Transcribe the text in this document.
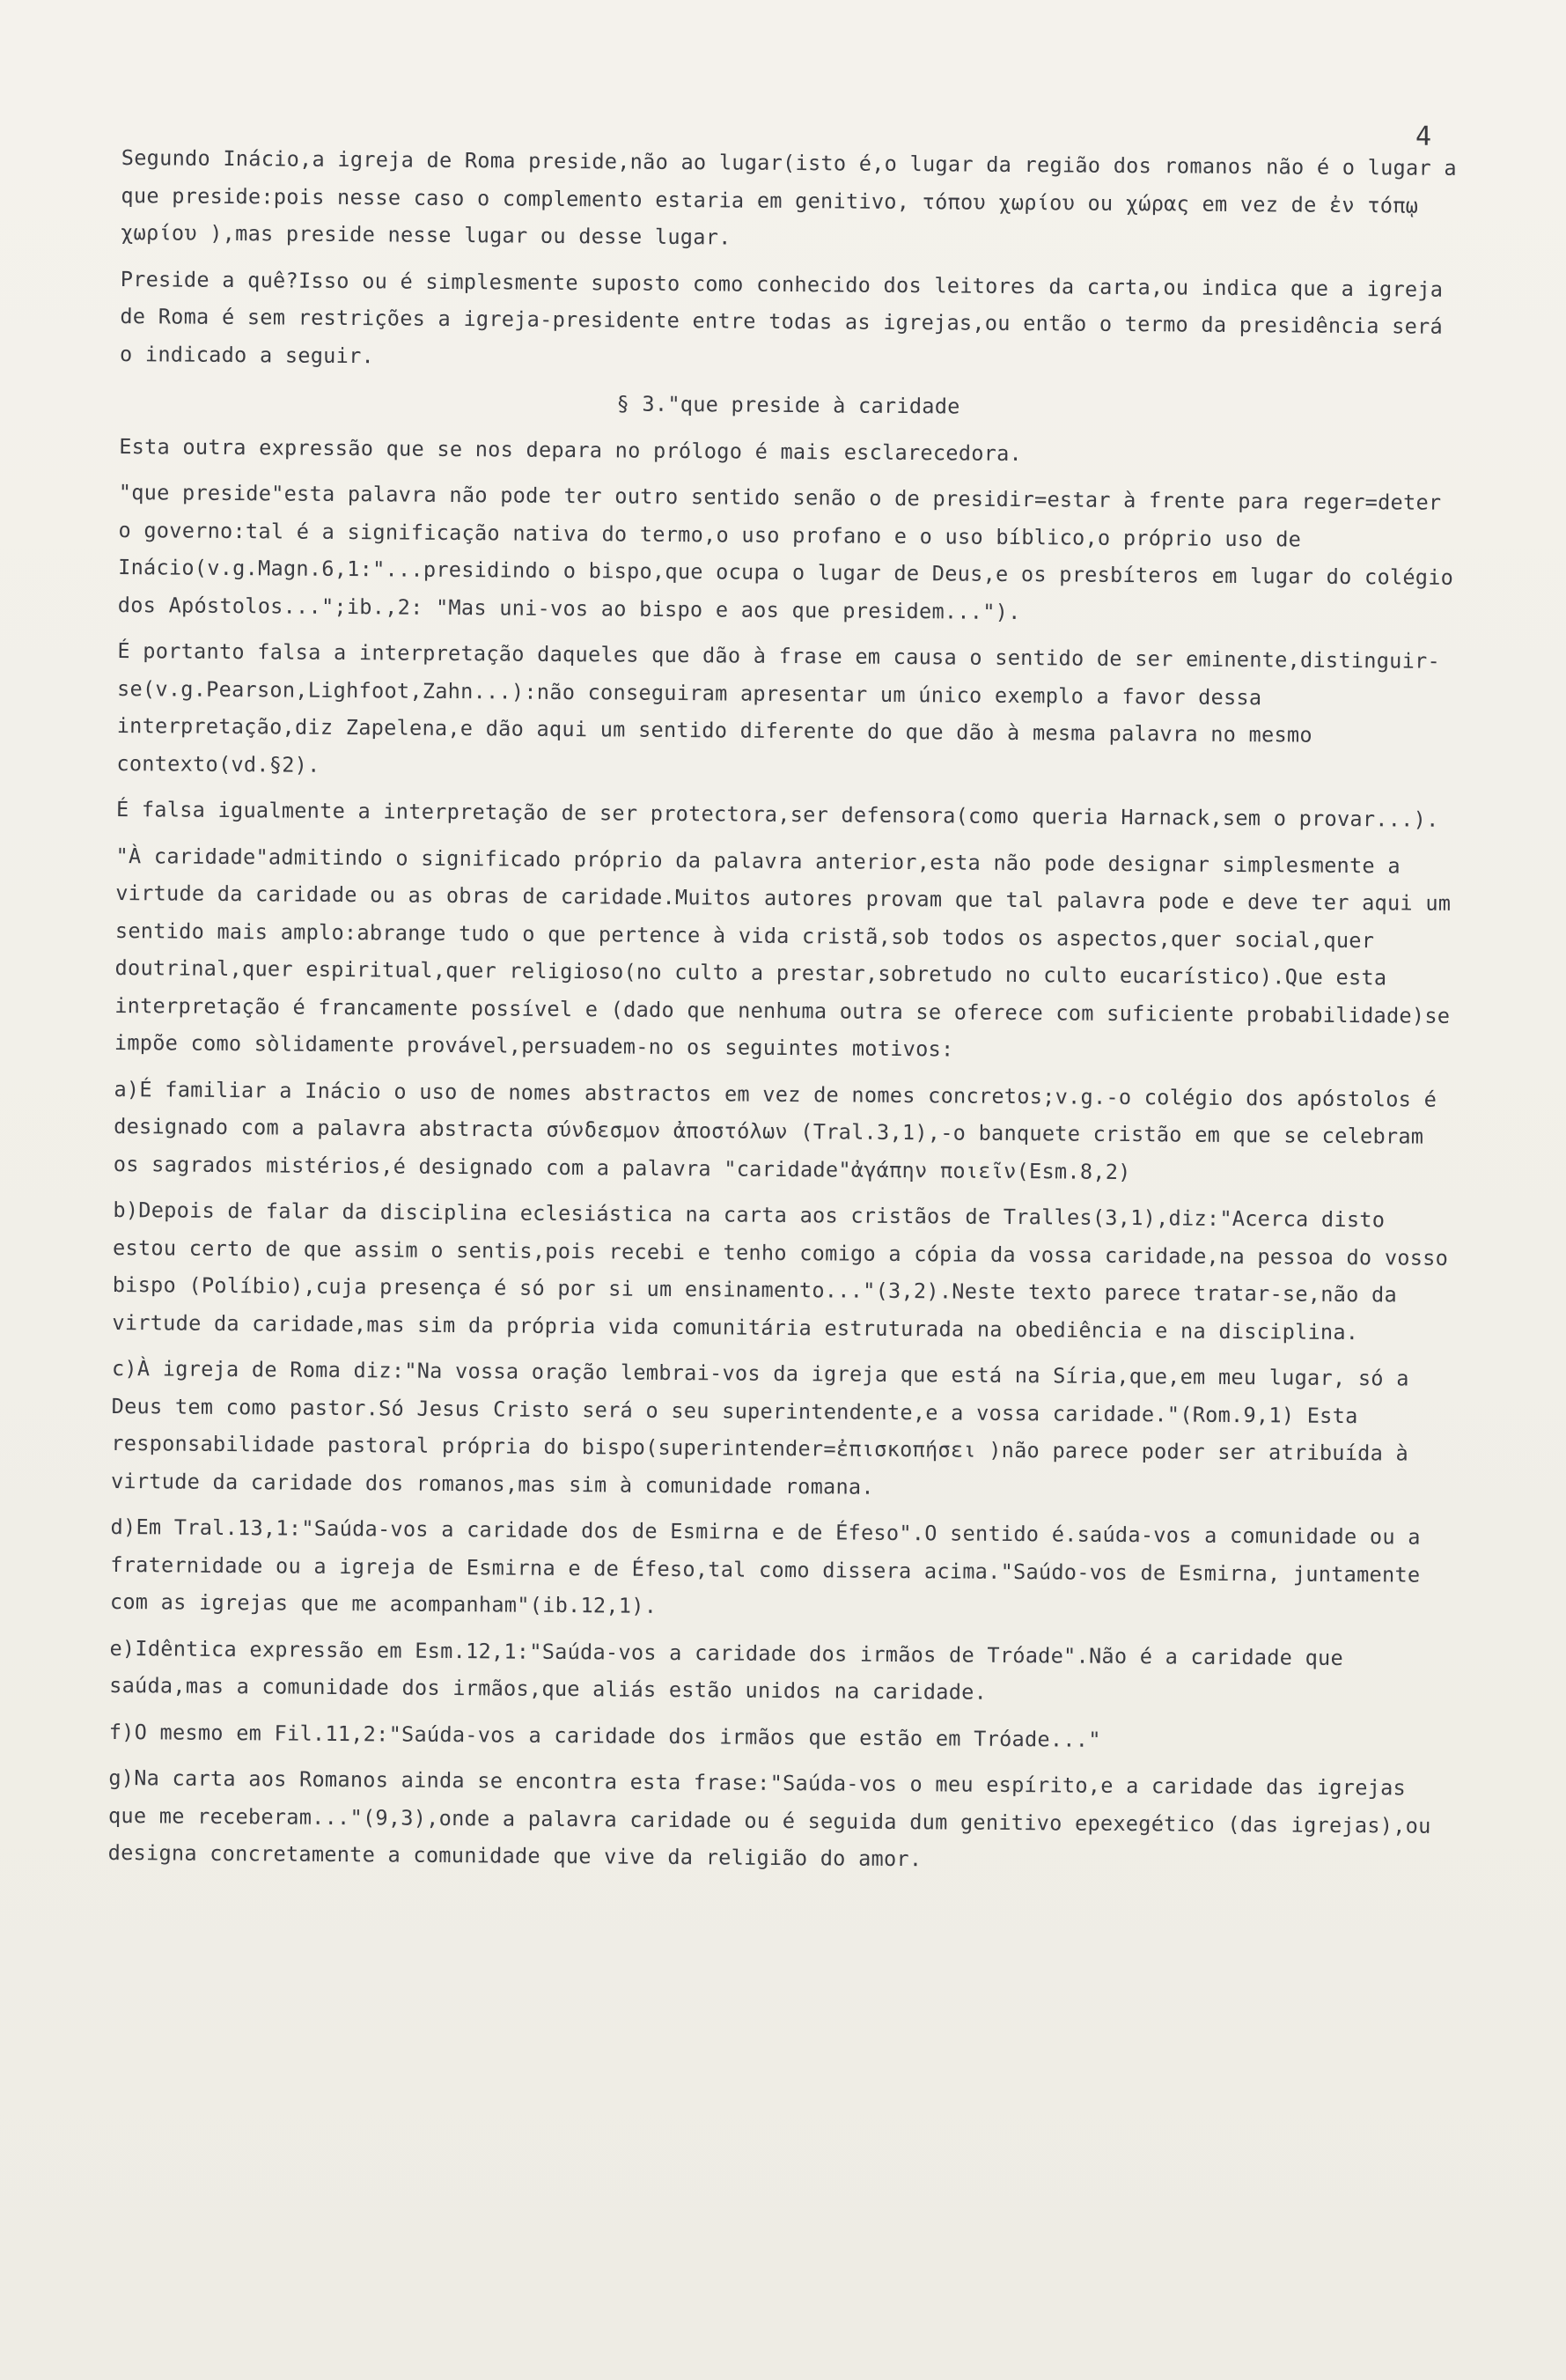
4

Segundo Inácio,a igreja de Roma preside,não ao lugar(isto é,o lugar da região dos romanos não é o lugar a que preside:pois nesse caso o complemento estaria em genitivo, τόπου χωρίου ou χώρας em vez de ἐν τόπῳ χωρίου ),mas preside nesse lugar ou desse lugar.

Preside a quê?Isso ou é simplesmente suposto como conhecido dos leitores da carta,ou indica que a igreja de Roma é sem restrições a igreja-presidente entre todas as igrejas,ou então o termo da presidência será o indicado a seguir.

§ 3."que preside à caridade

Esta outra expressão que se nos depara no prólogo é mais esclarecedora.

"que preside"esta palavra não pode ter outro sentido senão o de presidir=estar à frente para reger=deter o governo:tal é a significação nativa do termo,o uso profano e o uso bíblico,o próprio uso de Inácio(v.g.Magn.6,1:"...presidindo o bispo,que ocupa o lugar de Deus,e os presbíteros em lugar do colégio dos Apóstolos...";ib.,2: "Mas uni-vos ao bispo e aos que presidem...").

É portanto falsa a interpretação daqueles que dão à frase em causa o sentido de ser eminente,distinguir-se(v.g.Pearson,Lighfoot,Zahn...):não conseguiram apresentar um único exemplo a favor dessa interpretação,diz Zapelena,e dão aqui um sentido diferente do que dão à mesma palavra no mesmo contexto(vd.§2).

É falsa igualmente a interpretação de ser protectora,ser defensora(como queria Harnack,sem o provar...).

"À caridade"admitindo o significado próprio da palavra anterior,esta não pode designar simplesmente a virtude da caridade ou as obras de caridade.Muitos autores provam que tal palavra pode e deve ter aqui um sentido mais amplo:abrange tudo o que pertence à vida cristã,sob todos os aspectos,quer social,quer doutrinal,quer espiritual,quer religioso(no culto a prestar,sobretudo no culto eucarístico).Que esta interpretação é francamente possível e (dado que nenhuma outra se oferece com suficiente probabilidade)se impõe como sòlidamente provável,persuadem-no os seguintes motivos:

a)É familiar a Inácio o uso de nomes abstractos em vez de nomes concretos;v.g.-o colégio dos apóstolos é designado com a palavra abstracta σύνδεσμον ἀποστόλων (Tral.3,1),-o banquete cristão em que se celebram os sagrados mistérios,é designado com a palavra "caridade"ἀγάπην ποιεῖν(Esm.8,2)

b)Depois de falar da disciplina eclesiástica na carta aos cristãos de Tralles(3,1),diz:"Acerca disto estou certo de que assim o sentis,pois recebi e tenho comigo a cópia da vossa caridade,na pessoa do vosso bispo (Políbio),cuja presença é só por si um ensinamento..."(3,2).Neste texto parece tratar-se,não da virtude da caridade,mas sim da própria vida comunitária estruturada na obediência e na disciplina.

c)À igreja de Roma diz:"Na vossa oração lembrai-vos da igreja que está na Síria,que,em meu lugar, só a Deus tem como pastor.Só Jesus Cristo será o seu superintendente,e a vossa caridade."(Rom.9,1) Esta responsabilidade pastoral própria do bispo(superintender=ἐπισκοπήσει )não parece poder ser atribuída à virtude da caridade dos romanos,mas sim à comunidade romana.

d)Em Tral.13,1:"Saúda-vos a caridade dos de Esmirna e de Éfeso".O sentido é.saúda-vos a comunidade ou a fraternidade ou a igreja de Esmirna e de Éfeso,tal como dissera acima."Saúdo-vos de Esmirna, juntamente com as igrejas que me acompanham"(ib.12,1).

e)Idêntica expressão em Esm.12,1:"Saúda-vos a caridade dos irmãos de Tróade".Não é a caridade que saúda,mas a comunidade dos irmãos,que aliás estão unidos na caridade.

f)O mesmo em Fil.11,2:"Saúda-vos a caridade dos irmãos que estão em Tróade..."

g)Na carta aos Romanos ainda se encontra esta frase:"Saúda-vos o meu espírito,e a caridade das igrejas que me receberam..."(9,3),onde a palavra caridade ou é seguida dum genitivo epexegético (das igrejas),ou designa concretamente a comunidade que vive da religião do amor.
